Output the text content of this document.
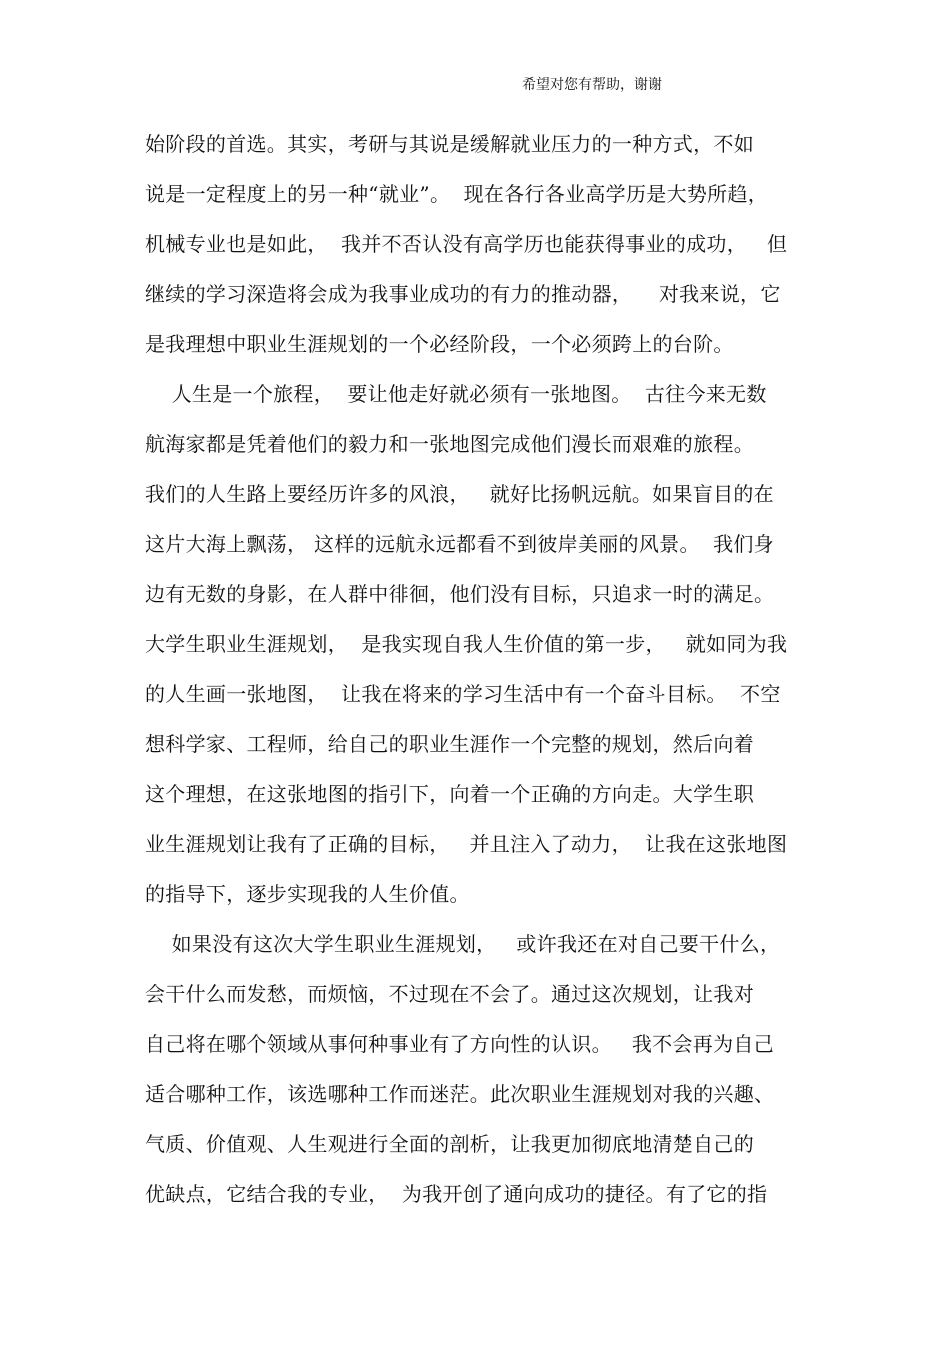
希望对您有帮助，谢谢
始阶段的首选。其实，考研与其说是缓解就业压力的一种方式，不如
说是一定程度上的另一种“就业”。  现在各行各业高学历是大势所趋，
机械专业也是如此，  我并不否认没有高学历也能获得事业的成功，   但
继续的学习深造将会成为我事业成功的有力的推动器，    对我来说，它
是我理想中职业生涯规划的一个必经阶段，一个必须跨上的台阶。
人生是一个旅程，  要让他走好就必须有一张地图。  古往今来无数
航海家都是凭着他们的毅力和一张地图完成他们漫长而艰难的旅程。
我们的人生路上要经历许多的风浪，   就好比扬帆远航。如果盲目的在
这片大海上飘荡， 这样的远航永远都看不到彼岸美丽的风景。  我们身
边有无数的身影，在人群中徘徊，他们没有目标，只追求一时的满足。
大学生职业生涯规划，  是我实现自我人生价值的第一步，   就如同为我
的人生画一张地图，  让我在将来的学习生活中有一个奋斗目标。  不空
想科学家、工程师，给自己的职业生涯作一个完整的规划，然后向着
这个理想，在这张地图的指引下，向着一个正确的方向走。大学生职
业生涯规划让我有了正确的目标，   并且注入了动力，  让我在这张地图
的指导下，逐步实现我的人生价值。
如果没有这次大学生职业生涯规划，   或许我还在对自己要干什么，
会干什么而发愁，而烦恼，不过现在不会了。通过这次规划，让我对
自己将在哪个领域从事何种事业有了方向性的认识。   我不会再为自己
适合哪种工作，该选哪种工作而迷茫。此次职业生涯规划对我的兴趣、
气质、价值观、人生观进行全面的剖析，让我更加彻底地清楚自己的
优缺点，它结合我的专业，  为我开创了通向成功的捷径。有了它的指
